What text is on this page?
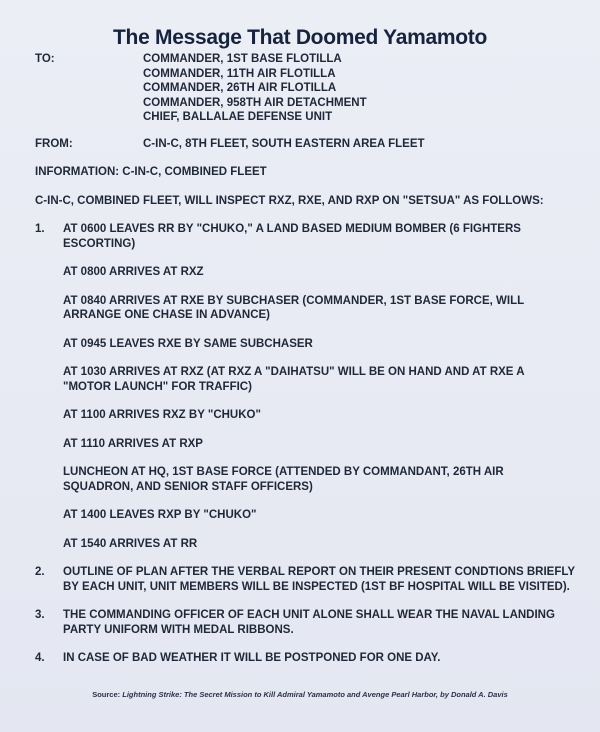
The Message That Doomed Yamamoto
TO:	COMMANDER, 1ST BASE FLOTILLA
COMMANDER, 11TH AIR FLOTILLA
COMMANDER, 26TH AIR FLOTILLA
COMMANDER, 958TH AIR DETACHMENT
CHIEF, BALLALAE DEFENSE UNIT
FROM:	C-IN-C, 8TH FLEET, SOUTH EASTERN AREA FLEET
INFORMATION: C-IN-C, COMBINED FLEET
C-IN-C, COMBINED FLEET, WILL INSPECT RXZ, RXE, AND RXP ON "SETSUA" AS FOLLOWS:
1.	AT 0600 LEAVES RR BY "CHUKO," A LAND BASED MEDIUM BOMBER (6 FIGHTERS ESCORTING)
AT 0800 ARRIVES AT RXZ
AT 0840 ARRIVES AT RXE BY SUBCHASER (COMMANDER, 1ST BASE FORCE, WILL ARRANGE ONE CHASE IN ADVANCE)
AT 0945 LEAVES RXE BY SAME SUBCHASER
AT 1030 ARRIVES AT RXZ (AT RXZ A "DAIHATSU" WILL BE ON HAND AND AT RXE A "MOTOR LAUNCH" FOR TRAFFIC)
AT 1100 ARRIVES RXZ BY "CHUKO"
AT 1110 ARRIVES AT RXP
LUNCHEON AT HQ, 1ST BASE FORCE (ATTENDED BY COMMANDANT, 26TH AIR SQUADRON, AND SENIOR STAFF OFFICERS)
AT 1400 LEAVES RXP BY "CHUKO"
AT 1540 ARRIVES AT RR
2.	OUTLINE OF PLAN AFTER THE VERBAL REPORT ON THEIR PRESENT CONDTIONS BRIEFLY BY EACH UNIT, UNIT MEMBERS WILL BE INSPECTED (1ST BF HOSPITAL WILL BE VISITED).
3.	THE COMMANDING OFFICER OF EACH UNIT ALONE SHALL WEAR THE NAVAL LANDING PARTY UNIFORM WITH MEDAL RIBBONS.
4.	IN CASE OF BAD WEATHER IT WILL BE POSTPONED FOR ONE DAY.
Source: Lightning Strike: The Secret Mission to Kill Admiral Yamamoto and Avenge Pearl Harbor, by Donald A. Davis
